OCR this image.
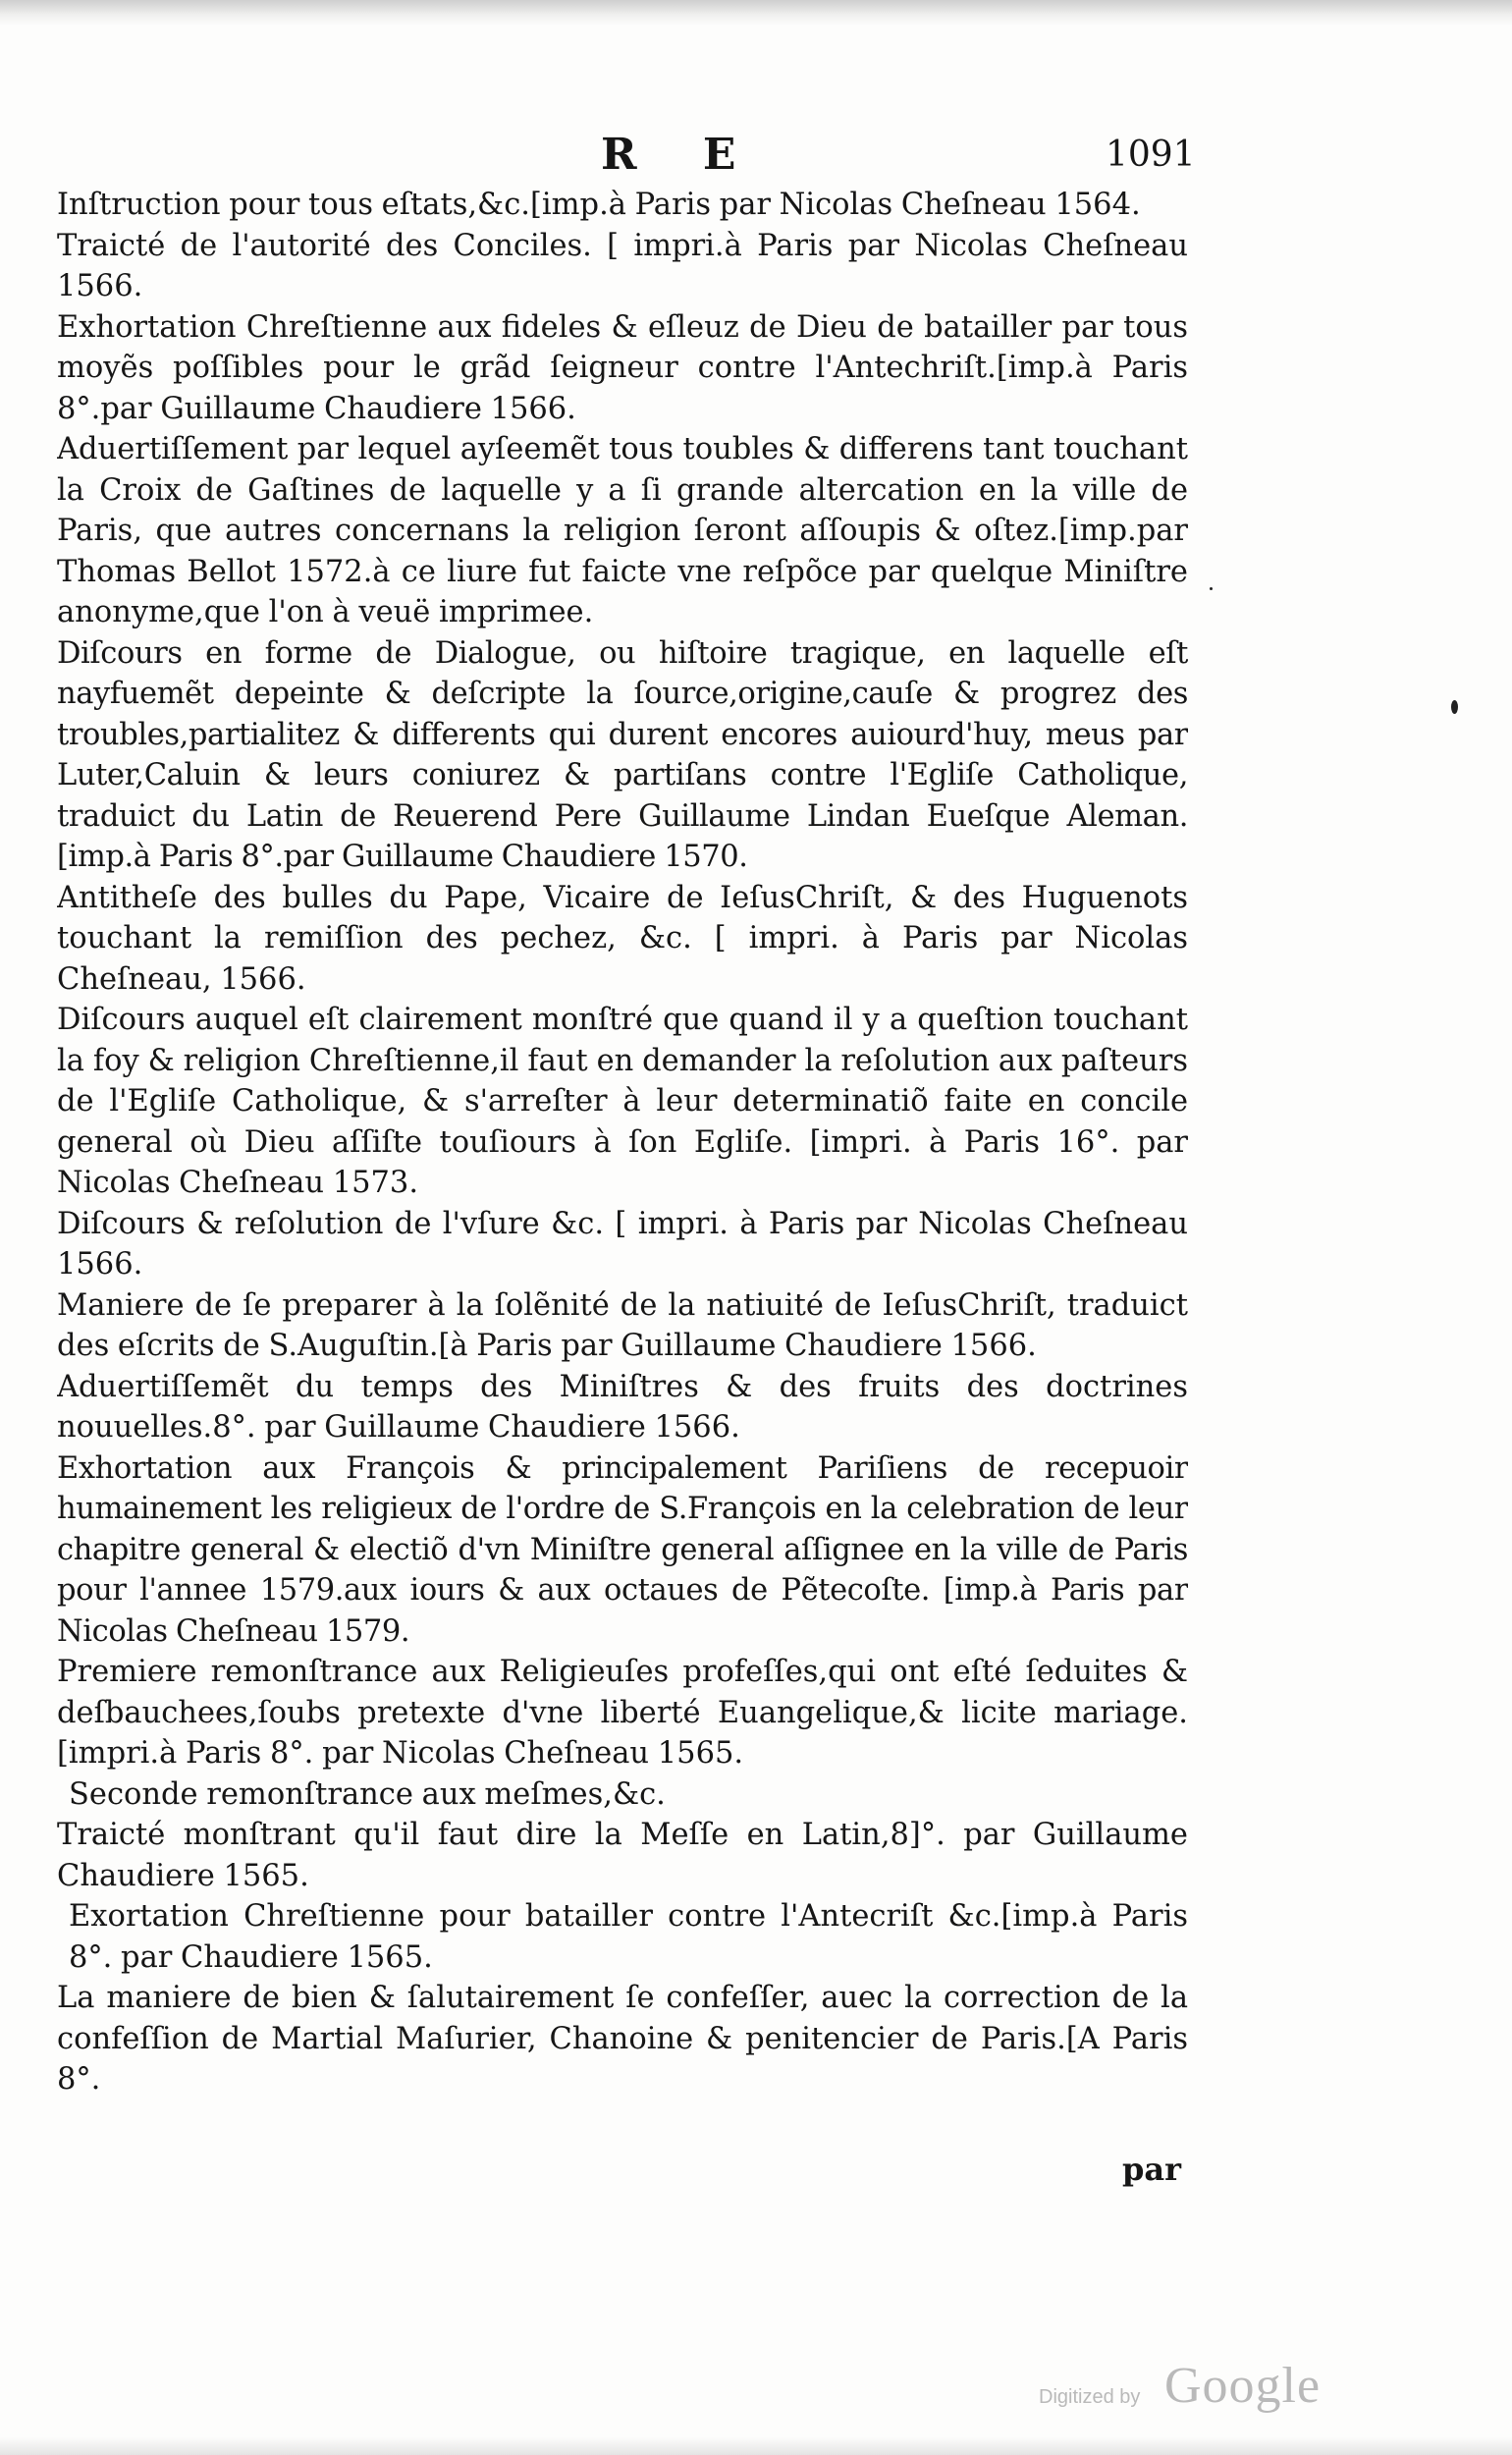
R E	1091

Inſtruction pour tous eſtats,&c.[imp.à Paris par Nicolas Cheſneau 1564.

Traicté de l'autorité des Conciles. [ impri.à Paris par Nicolas Cheſneau 1566.

Exhortation Chreſtienne aux fideles & eſleuz de Dieu de batailler par tous moyẽs poſſibles pour le grãd ſeigneur contre l'Antechriſt.[imp.à Paris 8°.par Guillaume Chaudiere 1566.

Aduertiſſement par lequel ayſeemẽt tous toubles & differens tant touchant la Croix de Gaſtines de laquelle y a ſi grande altercation en la ville de Paris, que autres concernans la religion ſeront aſſoupis & oſtez.[imp.par Thomas Bellot 1572.à ce liure fut faicte vne reſpõce par quelque Miniſtre anonyme,que l'on à veuë imprimee.

Diſcours en forme de Dialogue, ou hiſtoire tragique, en laquelle eſt nayfuemẽt depeinte & deſcripte la ſource,origine,cauſe & progrez des troubles,partialitez & differents qui durent encores auiourd'huy, meus par Luter,Caluin & leurs coniurez & partiſans contre l'Egliſe Catholique, traduict du Latin de Reuerend Pere Guillaume Lindan Eueſque Aleman.[imp.à Paris 8°.par Guillaume Chaudiere 1570.

Antitheſe des bulles du Pape, Vicaire de IeſusChriſt, & des Huguenots touchant la remiſſion des pechez, &c. [ impri. à Paris par Nicolas Cheſneau, 1566.

Diſcours auquel eſt clairement monſtré que quand il y a queſtion touchant la foy & religion Chreſtienne,il faut en demander la reſolution aux paſteurs de l'Egliſe Catholique, & s'arreſter à leur determinatiõ faite en concile general où Dieu aſſiſte touſiours à ſon Egliſe. [impri. à Paris 16°. par Nicolas Cheſneau 1573.

Diſcours & reſolution de l'vſure &c. [ impri. à Paris par Nicolas Cheſneau 1566.

Maniere de ſe preparer à la ſolẽnité de la natiuité de IeſusChriſt, traduict des eſcrits de S.Auguſtin.[à Paris par Guillaume Chaudiere 1566.

Aduertiſſemẽt du temps des Miniſtres & des fruits des doctrines nouuelles.8°. par Guillaume Chaudiere 1566.

Exhortation aux François & principalement Pariſiens de recepuoir humainement les religieux de l'ordre de S.François en la celebration de leur chapitre general & electiõ d'vn Miniſtre general aſſignee en la ville de Paris pour l'annee 1579.aux iours & aux octaues de Pẽtecoſte. [imp.à Paris par Nicolas Cheſneau 1579.

Premiere remonſtrance aux Religieuſes profeſſes,qui ont eſté ſeduites & deſbauchees,ſoubs pretexte d'vne liberté Euangelique,& licite mariage.[impri.à Paris 8°. par Nicolas Cheſneau 1565.

Seconde remonſtrance aux meſmes,&c.

Traicté monſtrant qu'il faut dire la Meſſe en Latin,8]°. par Guillaume Chaudiere 1565.

Exortation Chreſtienne pour batailler contre l'Antecriſt &c.[imp.à Paris 8°. par Chaudiere 1565.

La maniere de bien & ſalutairement ſe confeſſer, auec la correction de la confeſſion de Martial Maſurier, Chanoine & penitencier de Paris.[A Paris 8°.

par
Digitized by Google
